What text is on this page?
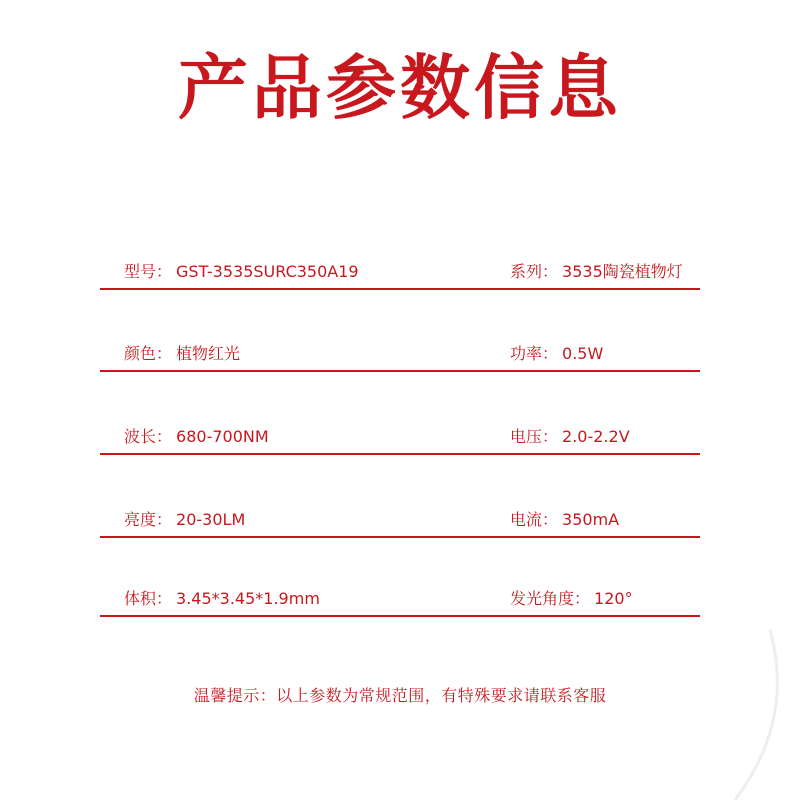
产品参数信息
型号： GST-3535SURC350A19	系列： 3535陶瓷植物灯
颜色： 植物红光	功率： 0.5W
波长： 680-700NM	电压： 2.0-2.2V
亮度： 20-30LM	电流： 350mA
体积： 3.45*3.45*1.9mm	发光角度： 120°
温馨提示：以上参数为常规范围，有特殊要求请联系客服
